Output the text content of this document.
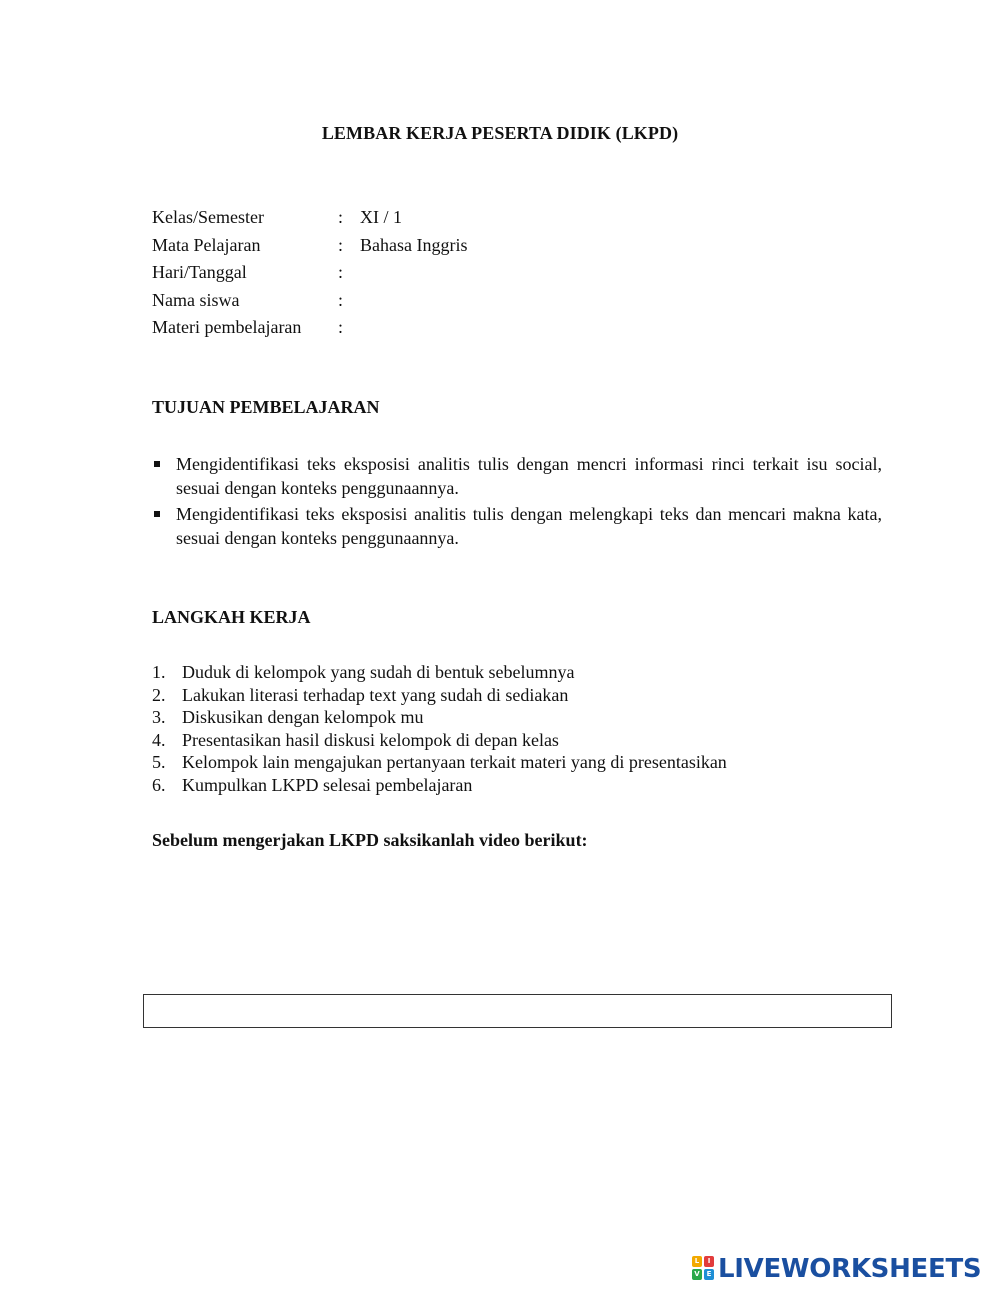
LEMBAR KERJA PESERTA DIDIK (LKPD)
Kelas/Semester	: XI / 1
Mata Pelajaran	: Bahasa Inggris
Hari/Tanggal	:
Nama siswa	:
Materi pembelajaran :
TUJUAN PEMBELAJARAN
Mengidentifikasi teks eksposisi analitis tulis dengan mencri informasi rinci terkait isu social, sesuai dengan konteks penggunaannya.
Mengidentifikasi teks eksposisi analitis tulis dengan melengkapi teks dan mencari makna kata, sesuai dengan konteks penggunaannya.
LANGKAH KERJA
1. Duduk di kelompok yang sudah di bentuk sebelumnya
2. Lakukan literasi terhadap text yang sudah di sediakan
3. Diskusikan dengan kelompok mu
4. Presentasikan hasil diskusi kelompok di depan kelas
5. Kelompok lain mengajukan pertanyaan terkait materi yang di presentasikan
6. Kumpulkan LKPD selesai pembelajaran
Sebelum mengerjakan LKPD saksikanlah video berikut:
L	I
V E LIVEWORKSHEETS
